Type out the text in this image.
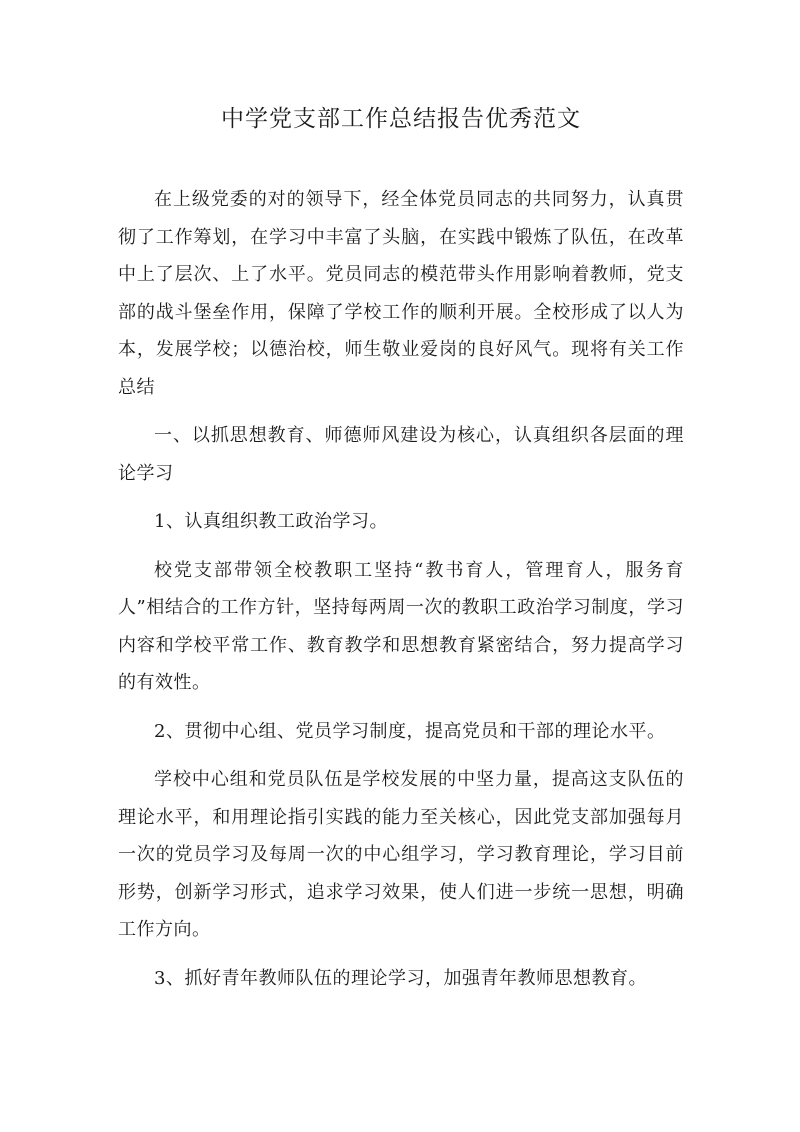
中学党支部工作总结报告优秀范文

在上级党委的对的领导下，经全体党员同志的共同努力，认真贯彻了工作筹划，在学习中丰富了头脑，在实践中锻炼了队伍，在改革中上了层次、上了水平。党员同志的模范带头作用影响着教师，党支部的战斗堡垒作用，保障了学校工作的顺利开展。全校形成了以人为本，发展学校；以德治校，师生敬业爱岗的良好风气。现将有关工作总结

一、以抓思想教育、师德师风建设为核心，认真组织各层面的理论学习

1、认真组织教工政治学习。

校党支部带领全校教职工坚持“教书育人，管理育人，服务育人”相结合的工作方针，坚持每两周一次的教职工政治学习制度，学习内容和学校平常工作、教育教学和思想教育紧密结合，努力提高学习的有效性。

2、贯彻中心组、党员学习制度，提高党员和干部的理论水平。

学校中心组和党员队伍是学校发展的中坚力量，提高这支队伍的理论水平，和用理论指引实践的能力至关核心，因此党支部加强每月一次的党员学习及每周一次的中心组学习，学习教育理论，学习目前形势，创新学习形式，追求学习效果，使人们进一步统一思想，明确工作方向。

3、抓好青年教师队伍的理论学习，加强青年教师思想教育。
